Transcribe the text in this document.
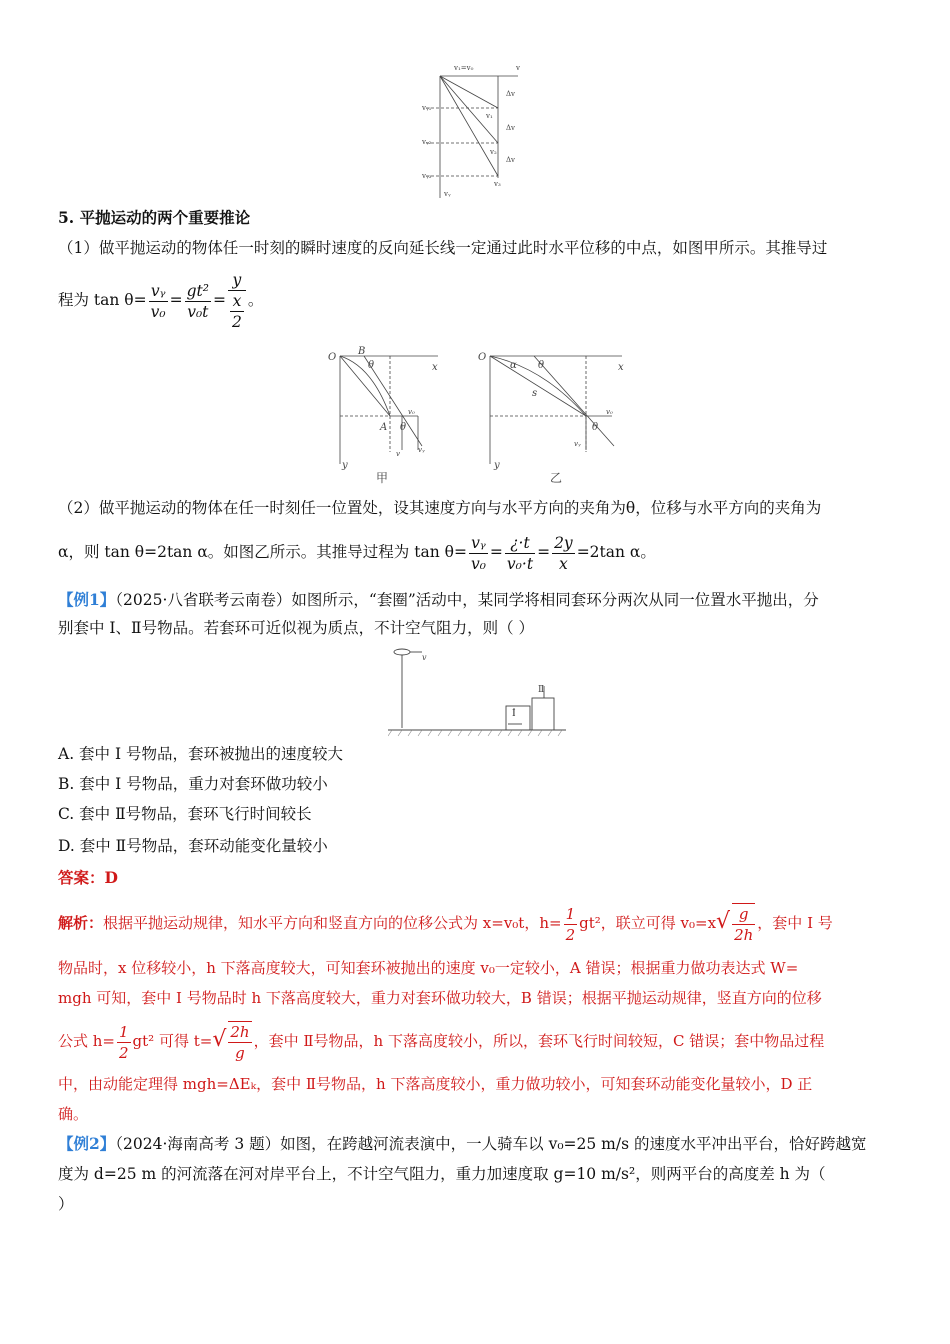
v₁=v₀	v
Δv
vᵧ₁
v₁
Δv
vᵧ₂
v₂
Δv
vᵧ₃
v₃
vᵧ
5. 平抛运动的两个重要推论
（1）做平抛运动的物体任一时刻的瞬时速度的反向延长线一定通过此时水平位移的中点，如图甲所示。其推导过
程为 $\tan \theta= \frac{\text{vᵧ}}{\text{v₀}} = \frac{\text{gt²}}{\text{v₀t}} = y$
x
2 。
O
B
θ	x
A θ
y
v₀
v	vᵧ
甲
O
α θ	x
s
θ
y
v₀
vᵧ
乙
（2）做平抛运动的物体在任一时刻任一位置处，设其速度方向与水平方向的夹角为θ，位移与水平方向的夹角为
α，则 tan θ=2tan α。如图乙所示。其推导过程为 $\tan \theta= \frac{\text{vᵧ}}{\text{v₀}} = \frac{¿\cdot t}{\text{v₀·t}} = \frac{2y}{x} =2\tan$ α。
【例1】（2025·八省联考云南卷）如图所示，“套圈”活动中，某同学将相同套环分两次从同一位置水平抛出，分
别套中 Ⅰ、Ⅱ号物品。若套环可近似视为质点，不计空气阻力，则（ ）
v
Ⅰ
Ⅱ
A. 套中 Ⅰ 号物品，套环被抛出的速度较大
B. 套中 Ⅰ 号物品，重力对套环做功较小
C. 套中 Ⅱ号物品，套环飞行时间较长
D. 套中 Ⅱ号物品，套环动能变化量较小
答案：D
解析：根据平抛运动规律，知水平方向和竖直方向的位移公式为 x=v₀t，$h= \frac{1}{2} gt^2$，联立可得 $v_0=x√ \frac{g}{2h}$ ，套中 Ⅰ 号
物品时，x 位移较小，h 下落高度较大，可知套环被抛出的速度 v₀一定较小，A 错误；根据重力做功表达式 W=
mgh 可知，套中 Ⅰ 号物品时 h 下落高度较大，重力对套环做功较大，B 错误；根据平抛运动规律，竖直方向的位移
公式 $h= \frac{1}{2} gt^2$ 可得 $t=√ \frac{2h}{g}$ ，套中 Ⅱ号物品，h 下落高度较小，所以，套环飞行时间较短，C 错误；套中物品过程
中，由动能定理得 mgh=ΔEₖ，套中 Ⅱ号物品，h 下落高度较小，重力做功较小，可知套环动能变化量较小，D 正
确。
【例2】（2024·海南高考 3 题）如图，在跨越河流表演中，一人骑车以 v₀=25 m/s 的速度水平冲出平台，恰好跨越宽
度为 d=25 m 的河流落在河对岸平台上，不计空气阻力，重力加速度取 g=10 m/s²，则两平台的高度差 h 为（
）
